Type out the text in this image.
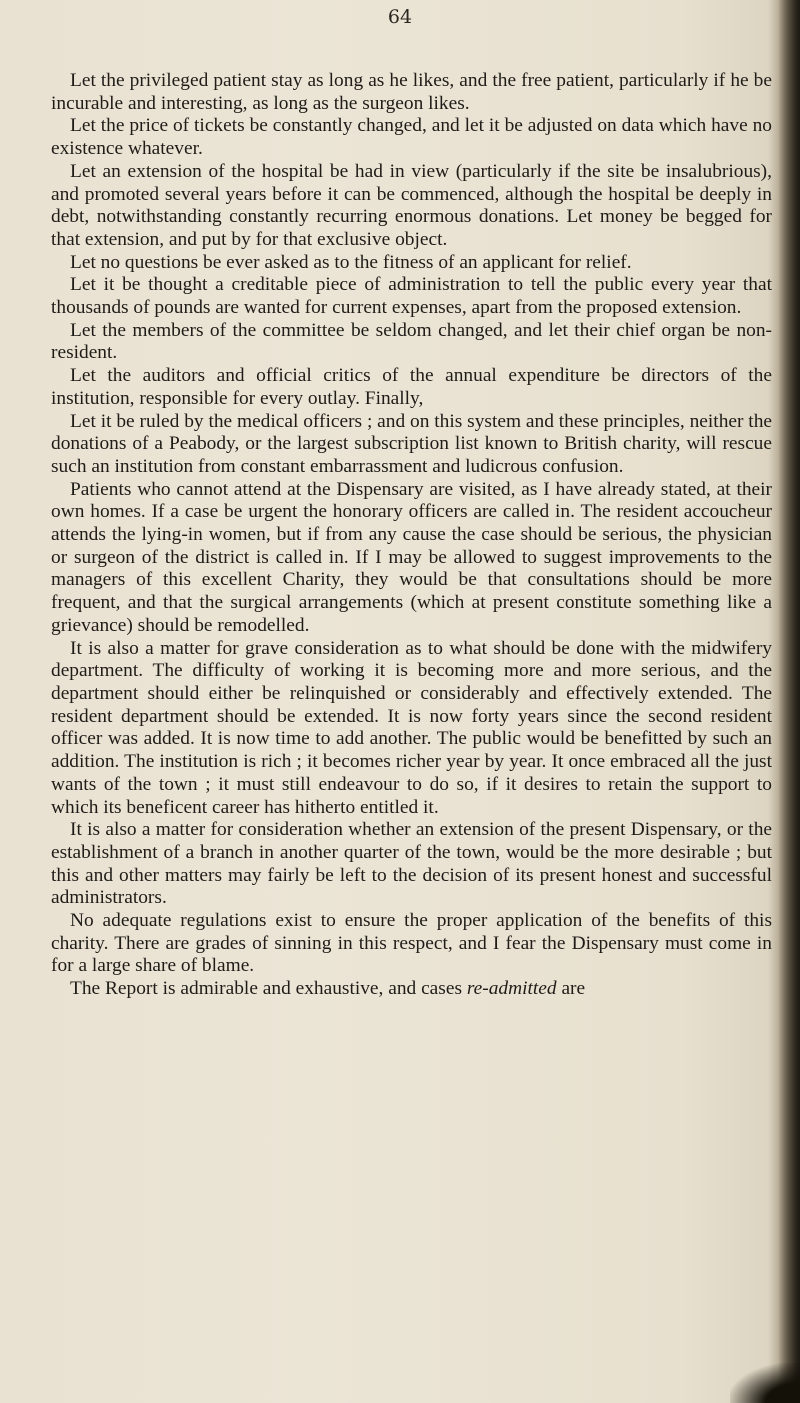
64

Let the privileged patient stay as long as he likes, and the free patient, particularly if he be incurable and interesting, as long as the surgeon likes.

Let the price of tickets be constantly changed, and let it be adjusted on data which have no existence whatever.

Let an extension of the hospital be had in view (particularly if the site be insalubrious), and promoted several years before it can be commenced, although the hospital be deeply in debt, notwithstanding constantly recurring enormous donations. Let money be begged for that extension, and put by for that exclusive object.

Let no questions be ever asked as to the fitness of an applicant for relief.

Let it be thought a creditable piece of administration to tell the public every year that thousands of pounds are wanted for current expenses, apart from the proposed extension.

Let the members of the committee be seldom changed, and let their chief organ be non-resident.

Let the auditors and official critics of the annual expenditure be directors of the institution, responsible for every outlay. Finally,

Let it be ruled by the medical officers ; and on this system and these principles, neither the donations of a Peabody, or the largest subscription list known to British charity, will rescue such an institution from constant embarrassment and ludicrous confusion.

Patients who cannot attend at the Dispensary are visited, as I have already stated, at their own homes. If a case be urgent the honorary officers are called in. The resident accoucheur attends the lying-in women, but if from any cause the case should be serious, the physician or surgeon of the district is called in. If I may be allowed to suggest improvements to the managers of this excellent Charity, they would be that consultations should be more frequent, and that the surgical arrangements (which at present constitute something like a grievance) should be remodelled.

It is also a matter for grave consideration as to what should be done with the midwifery department. The difficulty of working it is becoming more and more serious, and the department should either be relinquished or considerably and effectively extended. The resident department should be extended. It is now forty years since the second resident officer was added. It is now time to add another. The public would be benefitted by such an addition. The institution is rich ; it becomes richer year by year. It once embraced all the just wants of the town ; it must still endeavour to do so, if it desires to retain the support to which its beneficent career has hitherto entitled it.

It is also a matter for consideration whether an extension of the present Dispensary, or the establishment of a branch in another quarter of the town, would be the more desirable ; but this and other matters may fairly be left to the decision of its present honest and successful administrators.

No adequate regulations exist to ensure the proper application of the benefits of this charity. There are grades of sinning in this respect, and I fear the Dispensary must come in for a large share of blame.

The Report is admirable and exhaustive, and cases re-admitted are
